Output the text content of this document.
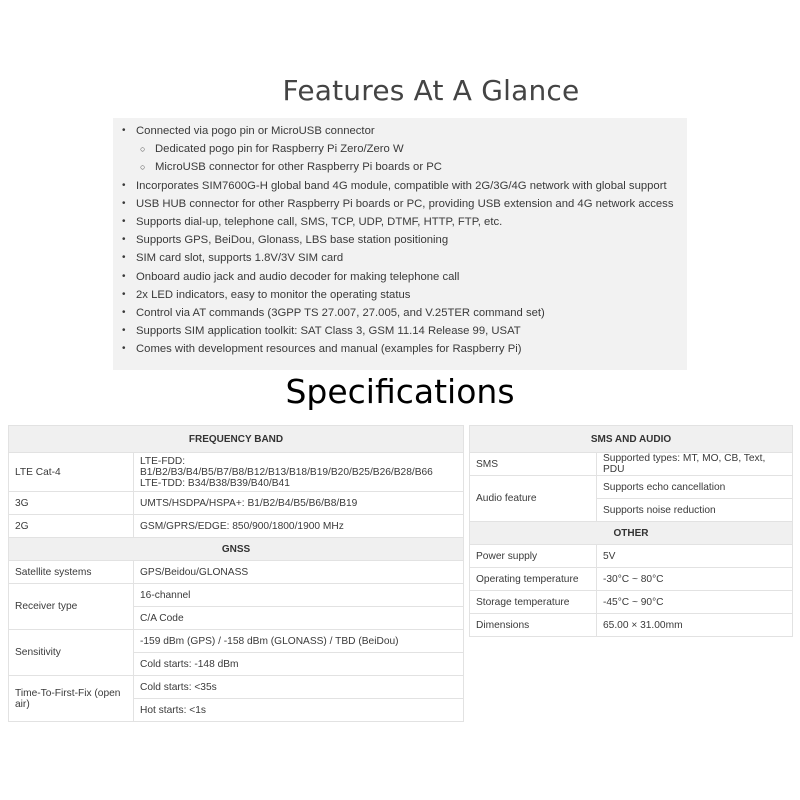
Features At A Glance
• Connected via pogo pin or MicroUSB connector
○ Dedicated pogo pin for Raspberry Pi Zero/Zero W
○ MicroUSB connector for other Raspberry Pi boards or PC
• Incorporates SIM7600G-H global band 4G module, compatible with 2G/3G/4G network with global support
• USB HUB connector for other Raspberry Pi boards or PC, providing USB extension and 4G network access
• Supports dial-up, telephone call, SMS, TCP, UDP, DTMF, HTTP, FTP, etc.
• Supports GPS, BeiDou, Glonass, LBS base station positioning
• SIM card slot, supports 1.8V/3V SIM card
• Onboard audio jack and audio decoder for making telephone call
• 2x LED indicators, easy to monitor the operating status
• Control via AT commands (3GPP TS 27.007, 27.005, and V.25TER command set)
• Supports SIM application toolkit: SAT Class 3, GSM 11.14 Release 99, USAT
• Comes with development resources and manual (examples for Raspberry Pi)
Specifications
FREQUENCY BAND	
LTE Cat-4	LTE-FDD:
B1/B2/B3/B4/B5/B7/B8/B12/B13/B18/B19/B20/B25/B26/B28/B66
LTE-TDD: B34/B38/B39/B40/B41
3G	UMTS/HSDPA/HSPA+: B1/B2/B4/B5/B6/B8/B19
2G	GSM/GPRS/EDGE: 850/900/1800/1900 MHz
GNSS	
Satellite systems	GPS/Beidou/GLONASS
Receiver type	16-channel
	C/A Code
Sensitivity	-159 dBm (GPS) / -158 dBm (GLONASS) / TBD (BeiDou)
	Cold starts: -148 dBm
Time-To-First-Fix (open air)	Cold starts: <35s
	Hot starts: <1s
SMS AND AUDIO	
SMS	Supported types: MT, MO, CB, Text, PDU
Audio feature	Supports echo cancellation
	Supports noise reduction
OTHER	
Power supply	5V
Operating temperature	-30°C ~ 80°C
Storage temperature	-45°C ~ 90°C
Dimensions	65.00 × 31.00mm
